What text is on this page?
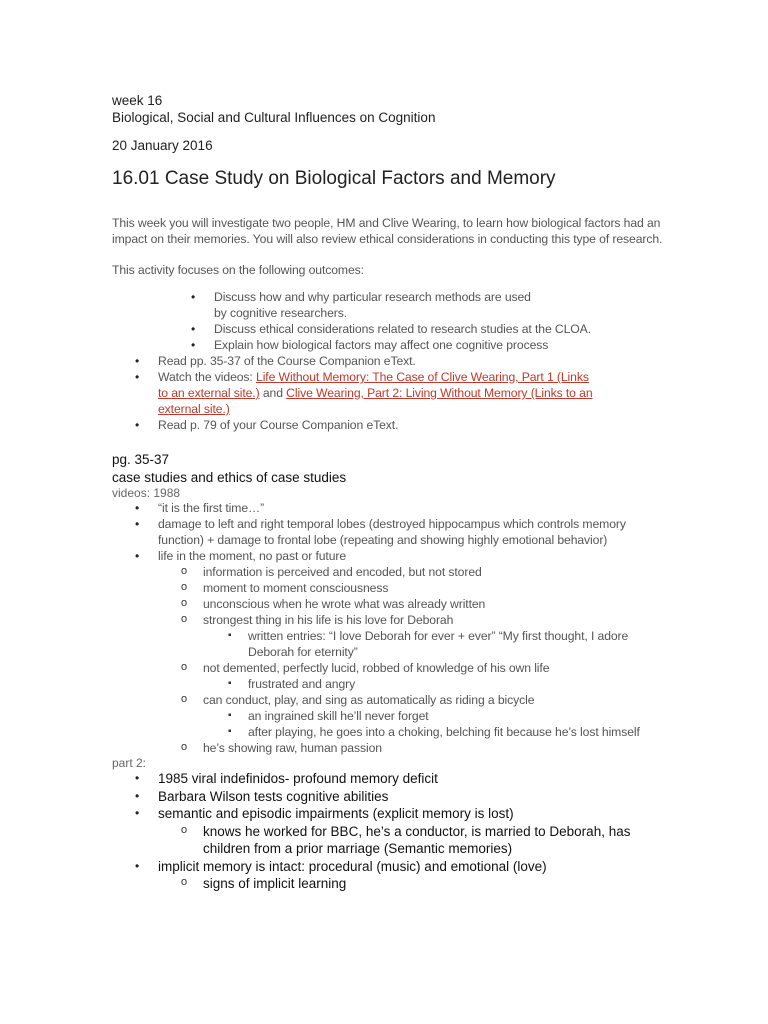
week 16
Biological, Social and Cultural Influences on Cognition
20 January 2016
16.01 Case Study on Biological Factors and Memory
This week you will investigate two people, HM and Clive Wearing, to learn how biological factors had an impact on their memories. You will also review ethical considerations in conducting this type of research.
This activity focuses on the following outcomes:
• Discuss how and why particular research methods are used by cognitive researchers.
• Discuss ethical considerations related to research studies at the CLOA.
• Explain how biological factors may affect one cognitive process
• Read pp. 35-37 of the Course Companion eText.
• Watch the videos: Life Without Memory: The Case of Clive Wearing, Part 1 (Links to an external site.) and Clive Wearing, Part 2: Living Without Memory (Links to an external site.)
• Read p. 79 of your Course Companion eText.
pg. 35-37
case studies and ethics of case studies
videos: 1988
• “it is the first time…”
• damage to left and right temporal lobes (destroyed hippocampus which controls memory function) + damage to frontal lobe (repeating and showing highly emotional behavior)
• life in the moment, no past or future
o information is perceived and encoded, but not stored
o moment to moment consciousness
o unconscious when he wrote what was already written
o strongest thing in his life is his love for Deborah
▪ written entries: “I love Deborah for ever + ever” “My first thought, I adore Deborah for eternity”
o not demented, perfectly lucid, robbed of knowledge of his own life
▪ frustrated and angry
o can conduct, play, and sing as automatically as riding a bicycle
▪ an ingrained skill he’ll never forget
▪ after playing, he goes into a choking, belching fit because he’s lost himself
o he’s showing raw, human passion
part 2:
• 1985 viral indefinidos- profound memory deficit
• Barbara Wilson tests cognitive abilities
• semantic and episodic impairments (explicit memory is lost)
o knows he worked for BBC, he’s a conductor, is married to Deborah, has children from a prior marriage (Semantic memories)
• implicit memory is intact: procedural (music) and emotional (love)
o signs of implicit learning
